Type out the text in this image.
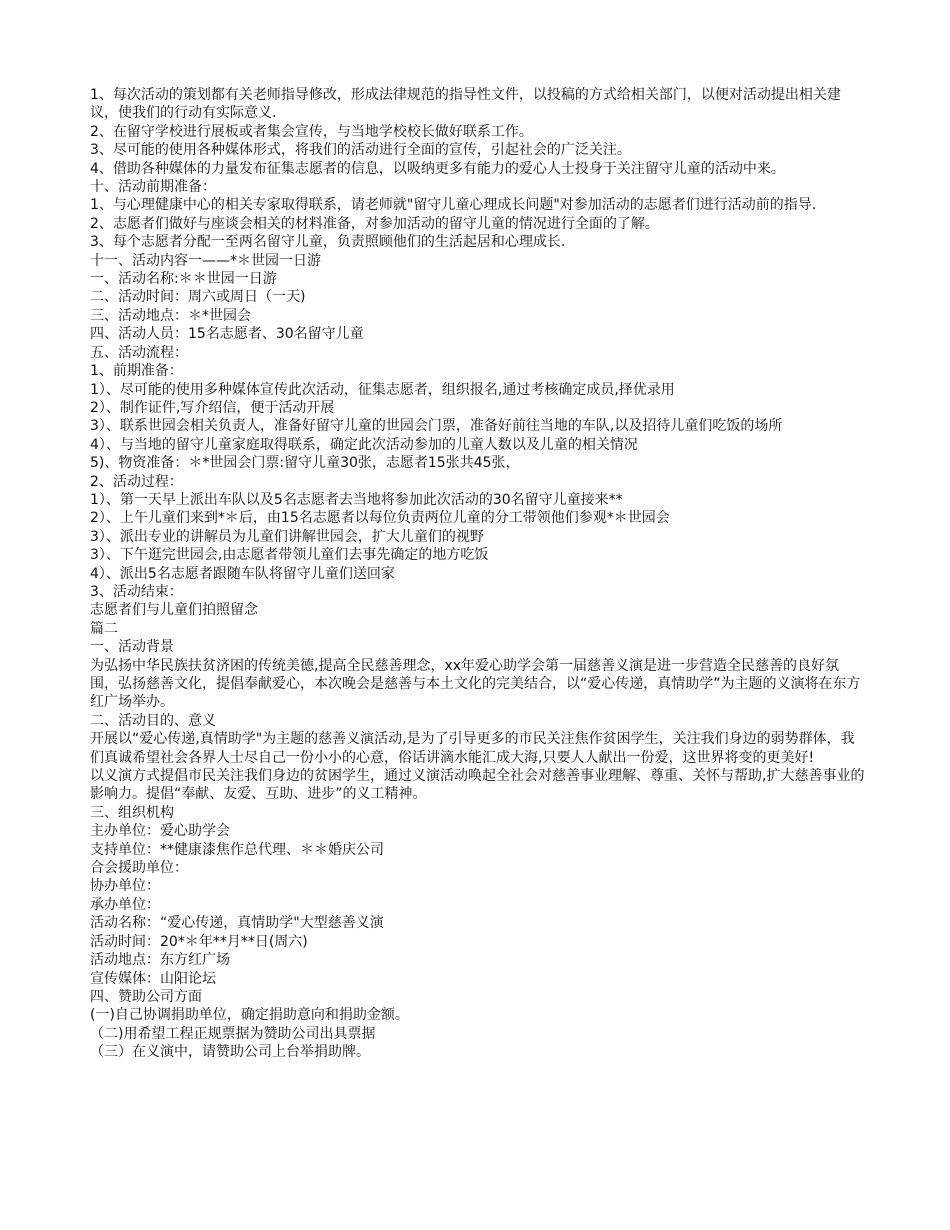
1、每次活动的策划都有关老师指导修改，形成法律规范的指导性文件，以投稿的方式给相关部门，以便对活动提出相关建议，使我们的行动有实际意义.

2、在留守学校进行展板或者集会宣传，与当地学校校长做好联系工作。

3、尽可能的使用各种媒体形式，将我们的活动进行全面的宣传，引起社会的广泛关注。

4、借助各种媒体的力量发布征集志愿者的信息，以吸纳更多有能力的爱心人士投身于关注留守儿童的活动中来。

十、活动前期准备：

1、与心理健康中心的相关专家取得联系，请老师就"留守儿童心理成长问题"对参加活动的志愿者们进行活动前的指导.

2、志愿者们做好与座谈会相关的材料准备，对参加活动的留守儿童的情况进行全面的了解。

3、每个志愿者分配一至两名留守儿童，负责照顾他们的生活起居和心理成长.

十一、活动内容一——*＊世园一日游

一、活动名称:＊＊世园一日游

二、活动时间：周六或周日（一天)

三、活动地点：＊*世园会

四、活动人员：15名志愿者、30名留守儿童

五、活动流程：

1、前期准备：

1）、尽可能的使用多种媒体宣传此次活动，征集志愿者，组织报名,通过考核确定成员,择优录用

2）、制作证件,写介绍信，便于活动开展

3）、联系世园会相关负责人，准备好留守儿童的世园会门票，准备好前往当地的车队,以及招待儿童们吃饭的场所

4）、与当地的留守儿童家庭取得联系，确定此次活动参加的儿童人数以及儿童的相关情况

5)、物资准备：＊*世园会门票:留守儿童30张，志愿者15张共45张，

2、活动过程：

1）、第一天早上派出车队以及5名志愿者去当地将参加此次活动的30名留守儿童接来**

2）、上午儿童们来到*＊后，由15名志愿者以每位负责两位儿童的分工带领他们参观*＊世园会

3）、派出专业的讲解员为儿童们讲解世园会，扩大儿童们的视野

3）、下午逛完世园会,由志愿者带领儿童们去事先确定的地方吃饭

4）、派出5名志愿者跟随车队将留守儿童们送回家

3、活动结束：

志愿者们与儿童们拍照留念

篇二

一、活动背景

为弘扬中华民族扶贫济困的传统美德,提高全民慈善理念，xx年爱心助学会第一届慈善义演是进一步营造全民慈善的良好氛围，弘扬慈善文化，提倡奉献爱心，本次晚会是慈善与本土文化的完美结合，以“爱心传递，真情助学”为主题的义演将在东方红广场举办。

二、活动目的、意义

开展以“爱心传递,真情助学"为主题的慈善义演活动,是为了引导更多的市民关注焦作贫困学生，关注我们身边的弱势群体，我们真诚希望社会各界人士尽自己一份小小的心意，俗话讲滴水能汇成大海,只要人人献出一份爱，这世界将变的更美好!

以义演方式提倡市民关注我们身边的贫困学生，通过义演活动唤起全社会对慈善事业理解、尊重、关怀与帮助,扩大慈善事业的影响力。提倡“奉献、友爱、互助、进步”的义工精神。

三、组织机构

主办单位：爱心助学会

支持单位：**健康漆焦作总代理、＊＊婚庆公司

合会援助单位：

协办单位：

承办单位：

活动名称：“爱心传递，真情助学"大型慈善义演

活动时间：20*＊年**月**日(周六)

活动地点：东方红广场

宣传媒体：山阳论坛

四、赞助公司方面

(一)自己协调捐助单位，确定捐助意向和捐助金额。

（二)用希望工程正规票据为赞助公司出具票据

（三）在义演中，请赞助公司上台举捐助牌。
